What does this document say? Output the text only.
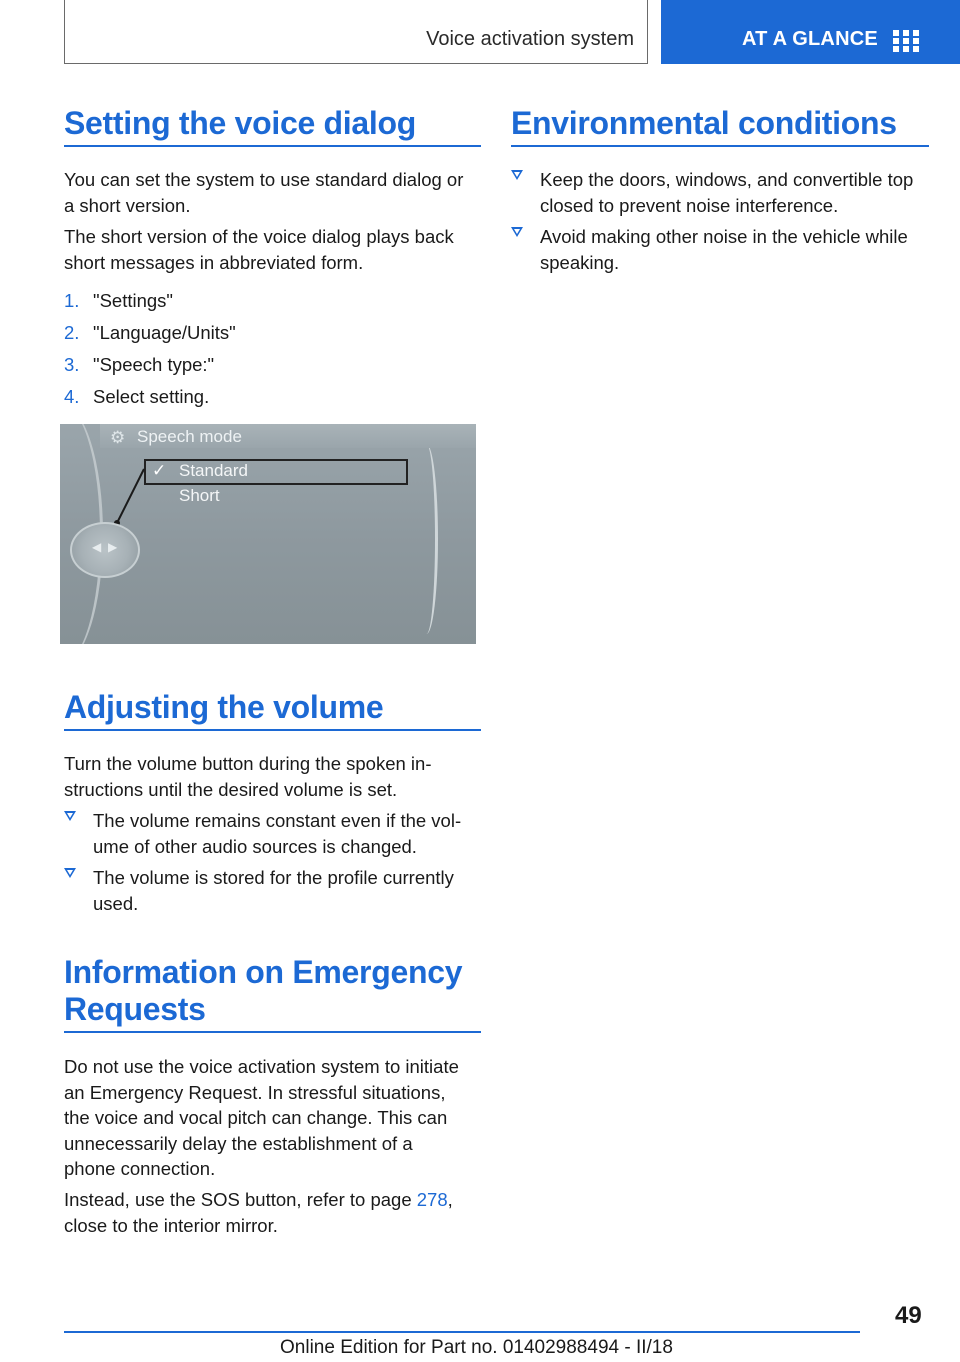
Voice activation system	AT A GLANCE
Setting the voice dialog

You can set the system to use standard dialog or
a short version.

The short version of the voice dialog plays back
short messages in abbreviated form.

1. "Settings"
2. "Language/Units"
3. "Speech type:"
4. Select setting.
⚙ Speech mode
✓ Standard
Short
◀ ▶
Adjusting the volume

Turn the volume button during the spoken in-
structions until the desired volume is set.

The volume remains constant even if the vol-
ume of other audio sources is changed.
The volume is stored for the profile currently
used.
Information on Emergency
Requests

Do not use the voice activation system to initiate
an Emergency Request. In stressful situations,
the voice and vocal pitch can change. This can
unnecessarily delay the establishment of a
phone connection.

Instead, use the SOS button, refer to page 278,
close to the interior mirror.

Environmental conditions
Keep the doors, windows, and convertible top
closed to prevent noise interference.
Avoid making other noise in the vehicle while
speaking.
49
Online Edition for Part no. 01402988494 - II/18
